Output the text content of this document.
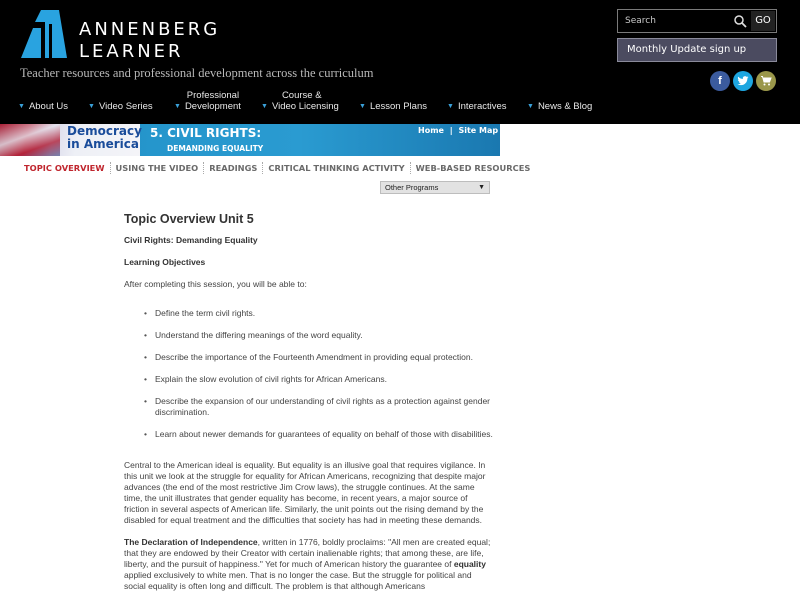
ANNENBERG
LEARNER
Teacher resources and professional development across the curriculum
Search
GO
Monthly Update sign up
f
▼ About Us	▼ Video Series	▼
Professional
Development	▼
Course &
Video Licensing	▼ Lesson Plans	▼ Interactives	▼ News & Blog
Democracy
in America
5. CIVIL RIGHTS:
DEMANDING EQUALITY
Home | Site Map
TOPIC OVERVIEW USING THE VIDEO READINGS CRITICAL THINKING ACTIVITY WEB-BASED RESOURCES
Other Programs	▼
Topic Overview Unit 5
Civil Rights: Demanding Equality
Learning Objectives
After completing this session, you will be able to:
• Define the term civil rights.
• Understand the differing meanings of the word equality.
• Describe the importance of the Fourteenth Amendment in providing equal protection.
• Explain the slow evolution of civil rights for African Americans.
• Describe the expansion of our understanding of civil rights as a protection against gender discrimination.
• Learn about newer demands for guarantees of equality on behalf of those with disabilities.

Central to the American ideal is equality. But equality is an illusive goal that requires vigilance. In this unit we look at the struggle for equality for African Americans, recognizing that despite major advances (the end of the most restrictive Jim Crow laws), the struggle continues. At the same time, the unit illustrates that gender equality has become, in recent years, a major source of friction in several aspects of American life. Similarly, the unit points out the rising demand by the disabled for equal treatment and the difficulties that society has had in meeting these demands.

The Declaration of Independence, written in 1776, boldly proclaims: "All men are created equal; that they are endowed by their Creator with certain inalienable rights; that among these, are life, liberty, and the pursuit of happiness." Yet for much of American history the guarantee of equality applied exclusively to white men. That is no longer the case. But the struggle for political and social equality is often long and difficult. The problem is that although Americans
